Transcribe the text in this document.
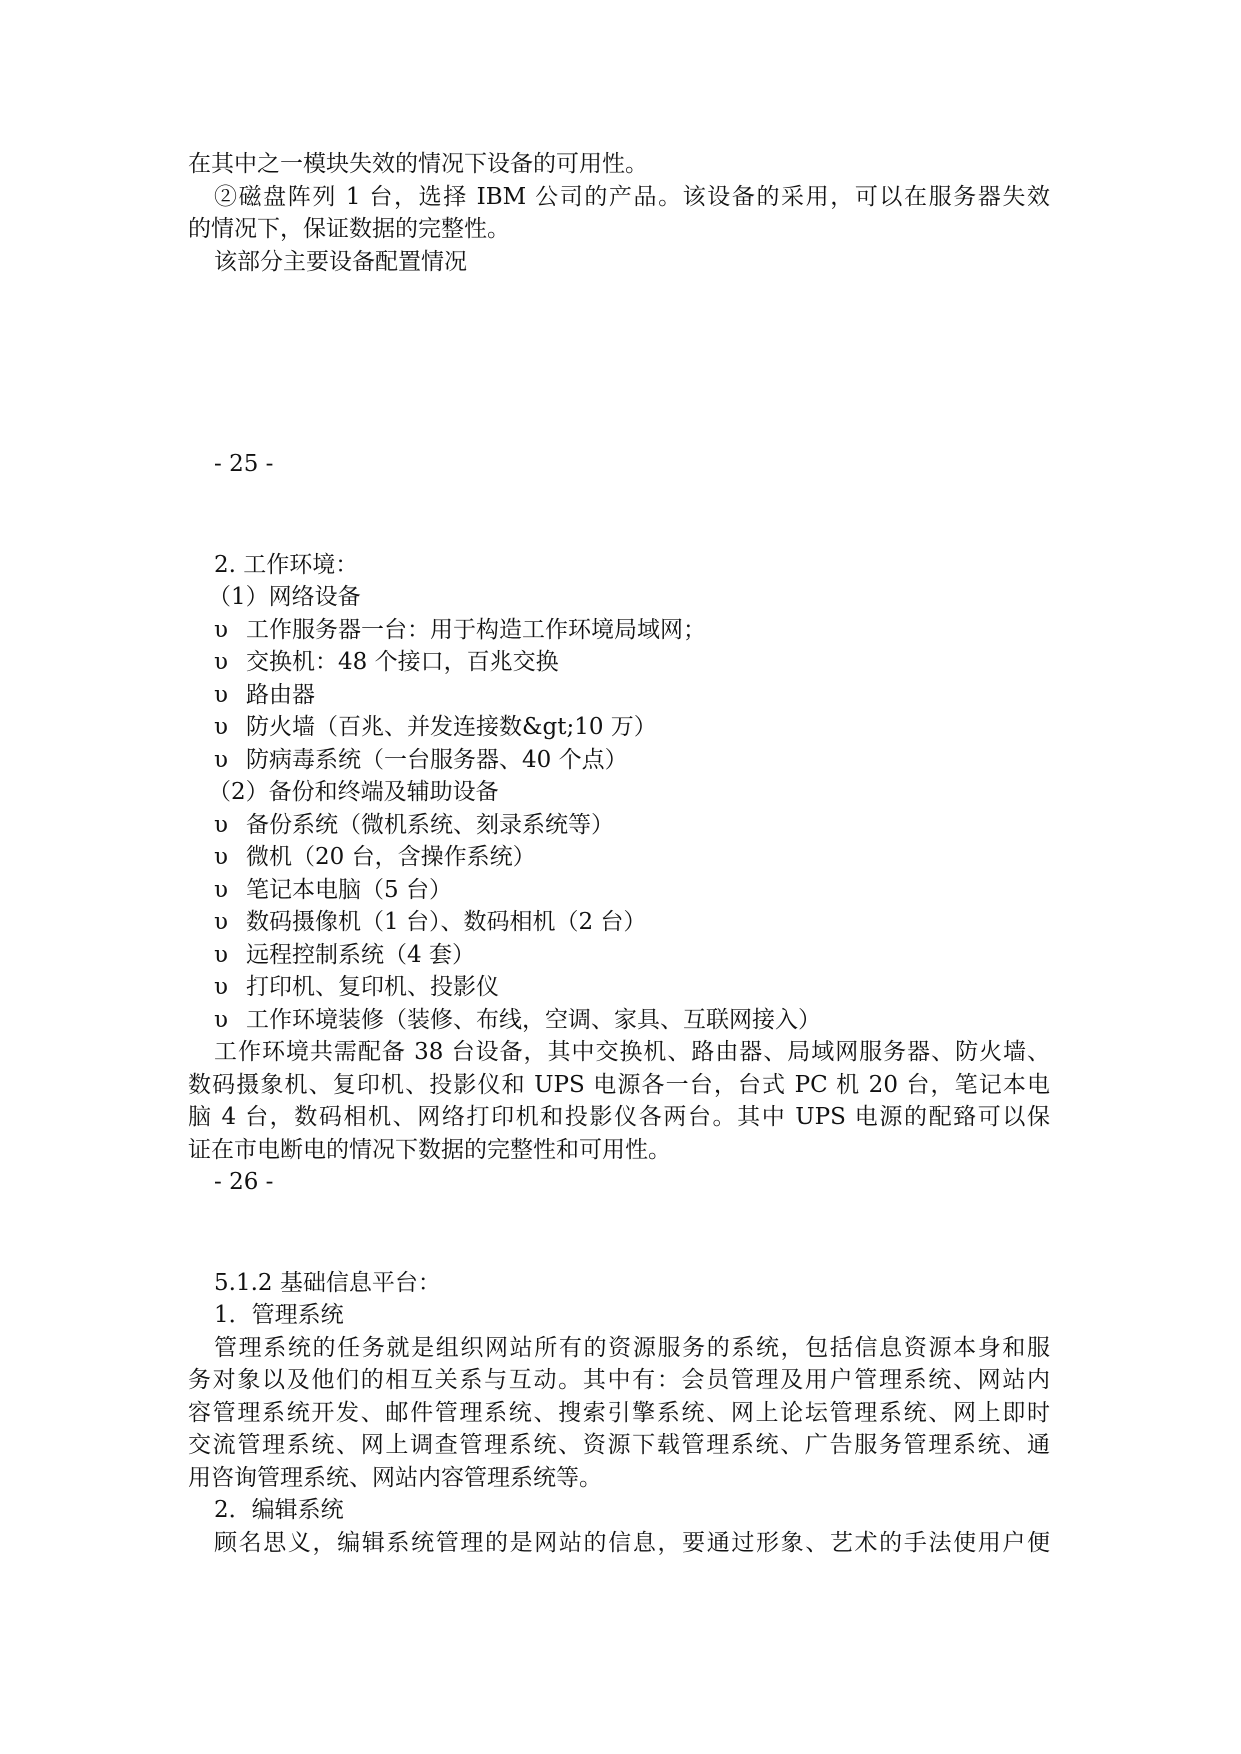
在其中之一模块失效的情况下设备的可用性。
②磁盘阵列 1 台，选择 IBM 公司的产品。该设备的采用，可以在服务器失效
的情况下，保证数据的完整性。
该部分主要设备配置情况
- 25 -
2. 工作环境：
（1）网络设备
υ 工作服务器一台：用于构造工作环境局域网；
υ 交换机：48 个接口，百兆交换
υ 路由器
υ 防火墙（百兆、并发连接数&gt;10 万）
υ 防病毒系统（一台服务器、40 个点）
（2）备份和终端及辅助设备
υ 备份系统（微机系统、刻录系统等）
υ 微机（20 台，含操作系统）
υ 笔记本电脑（5 台）
υ 数码摄像机（1 台）、数码相机（2 台）
υ 远程控制系统（4 套）
υ 打印机、复印机、投影仪
υ 工作环境装修（装修、布线，空调、家具、互联网接入）
工作环境共需配备 38 台设备，其中交换机、路由器、局域网服务器、防火墙、
数码摄象机、复印机、投影仪和 UPS 电源各一台，台式 PC 机 20 台，笔记本电
脑 4 台，数码相机、网络打印机和投影仪各两台。其中 UPS 电源的配臵可以保
证在市电断电的情况下数据的完整性和可用性。
- 26 -
5.1.2 基础信息平台：
1．管理系统
管理系统的任务就是组织网站所有的资源服务的系统，包括信息资源本身和服
务对象以及他们的相互关系与互动。其中有：会员管理及用户管理系统、网站内
容管理系统开发、邮件管理系统、搜索引擎系统、网上论坛管理系统、网上即时
交流管理系统、网上调查管理系统、资源下载管理系统、广告服务管理系统、通
用咨询管理系统、网站内容管理系统等。
2．编辑系统
顾名思义，编辑系统管理的是网站的信息，要通过形象、艺术的手法使用户便
